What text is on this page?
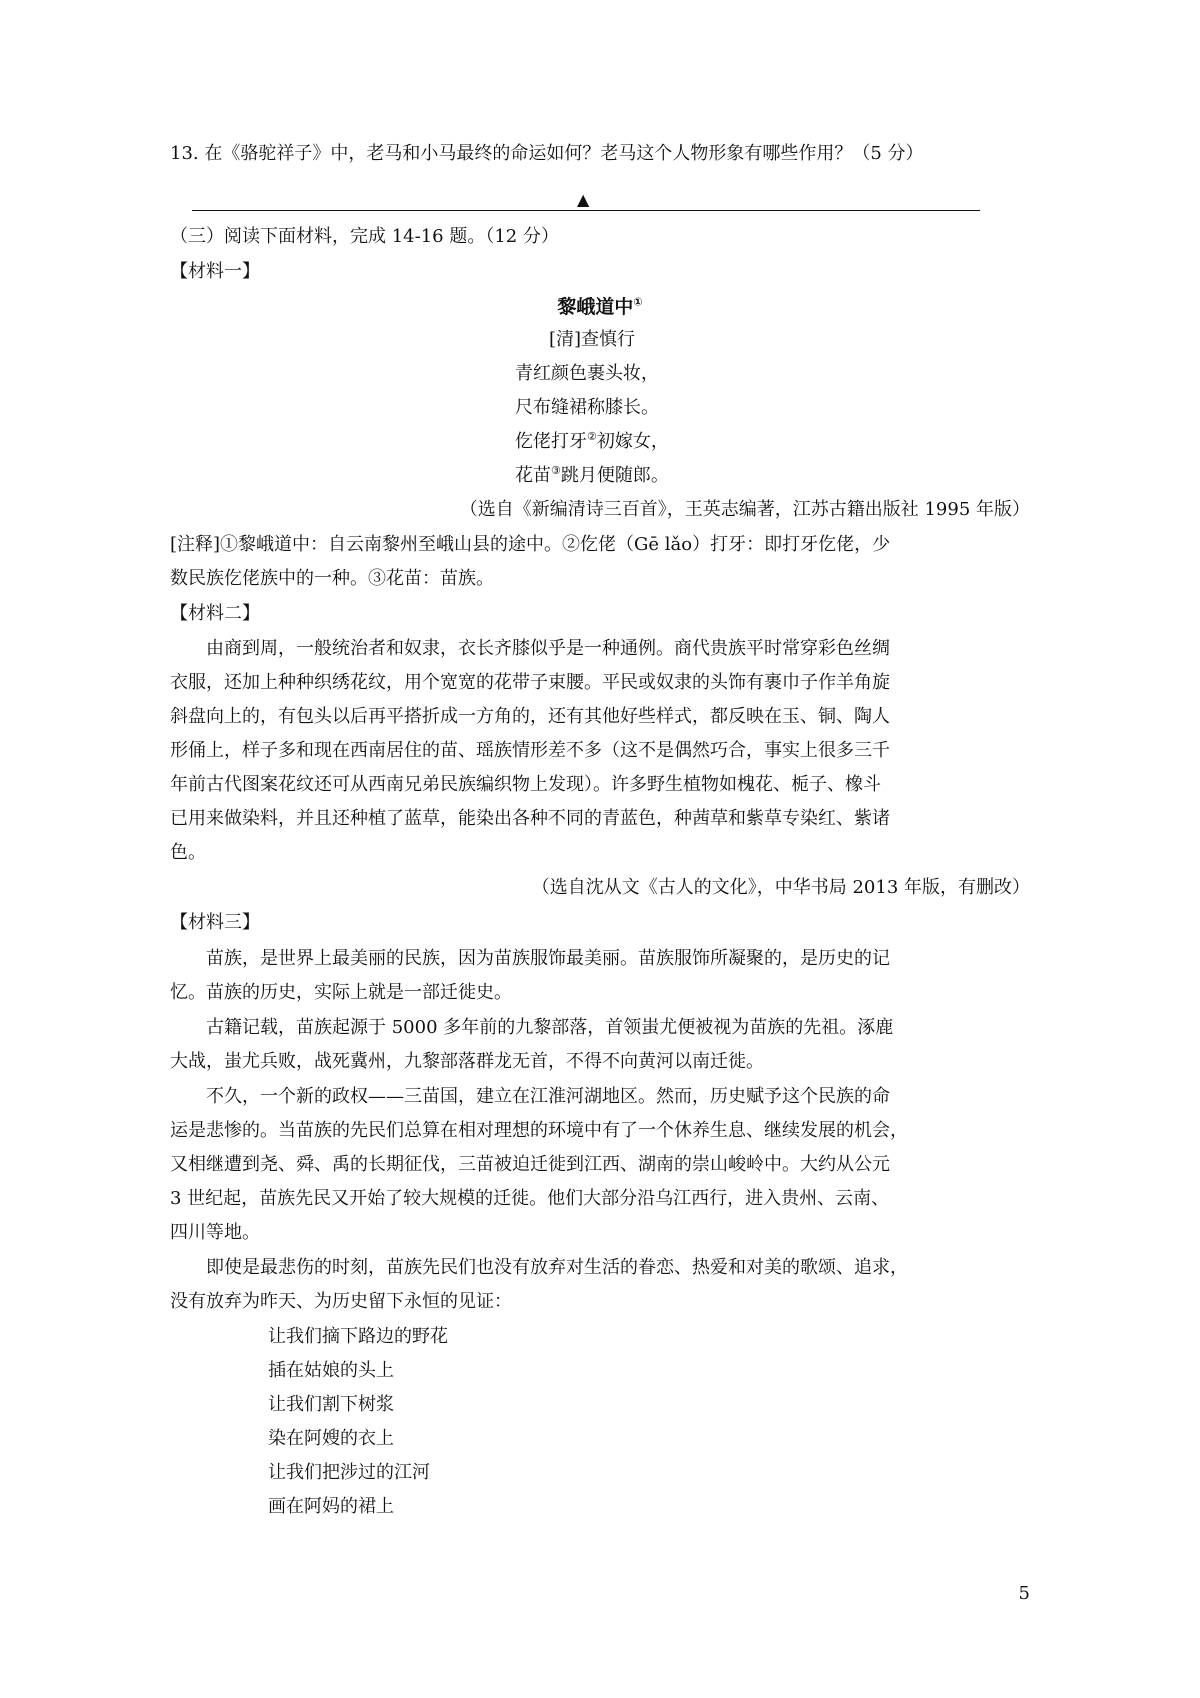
13. 在《骆驼祥子》中，老马和小马最终的命运如何？老马这个人物形象有哪些作用？（5 分）
▲
（三）阅读下面材料，完成 14-16 题。（12 分）
【材料一】
黎峨道中①
[清]查慎行
青红颜色裹头妆，
尺布缝裙称膝长。
仡佬打牙②初嫁女，
花苗③跳月便随郎。
（选自《新编清诗三百首》，王英志编著，江苏古籍出版社 1995 年版）
[注释]①黎峨道中：自云南黎州至峨山县的途中。②仡佬（Gē lǎo）打牙：即打牙仡佬，少
数民族仡佬族中的一种。③花苗：苗族。
【材料二】
由商到周，一般统治者和奴隶，衣长齐膝似乎是一种通例。商代贵族平时常穿彩色丝绸
衣服，还加上种种织绣花纹，用个宽宽的花带子束腰。平民或奴隶的头饰有裹巾子作羊角旋
斜盘向上的，有包头以后再平搭折成一方角的，还有其他好些样式，都反映在玉、铜、陶人
形俑上，样子多和现在西南居住的苗、瑶族情形差不多（这不是偶然巧合，事实上很多三千
年前古代图案花纹还可从西南兄弟民族编织物上发现）。许多野生植物如槐花、栀子、橡斗
已用来做染料，并且还种植了蓝草，能染出各种不同的青蓝色，种茜草和紫草专染红、紫诸
色。
（选自沈从文《古人的文化》，中华书局 2013 年版，有删改）
【材料三】
苗族，是世界上最美丽的民族，因为苗族服饰最美丽。苗族服饰所凝聚的，是历史的记
忆。苗族的历史，实际上就是一部迁徙史。
古籍记载，苗族起源于 5000 多年前的九黎部落，首领蚩尤便被视为苗族的先祖。涿鹿
大战，蚩尤兵败，战死冀州，九黎部落群龙无首，不得不向黄河以南迁徙。
不久，一个新的政权——三苗国，建立在江淮河湖地区。然而，历史赋予这个民族的命
运是悲惨的。当苗族的先民们总算在相对理想的环境中有了一个休养生息、继续发展的机会，
又相继遭到尧、舜、禹的长期征伐，三苗被迫迁徙到江西、湖南的崇山峻岭中。大约从公元
3 世纪起，苗族先民又开始了较大规模的迁徙。他们大部分沿乌江西行，进入贵州、云南、
四川等地。
即使是最悲伤的时刻，苗族先民们也没有放弃对生活的眷恋、热爱和对美的歌颂、追求，
没有放弃为昨天、为历史留下永恒的见证：
让我们摘下路边的野花
插在姑娘的头上
让我们割下树浆
染在阿嫂的衣上
让我们把涉过的江河
画在阿妈的裙上
5
